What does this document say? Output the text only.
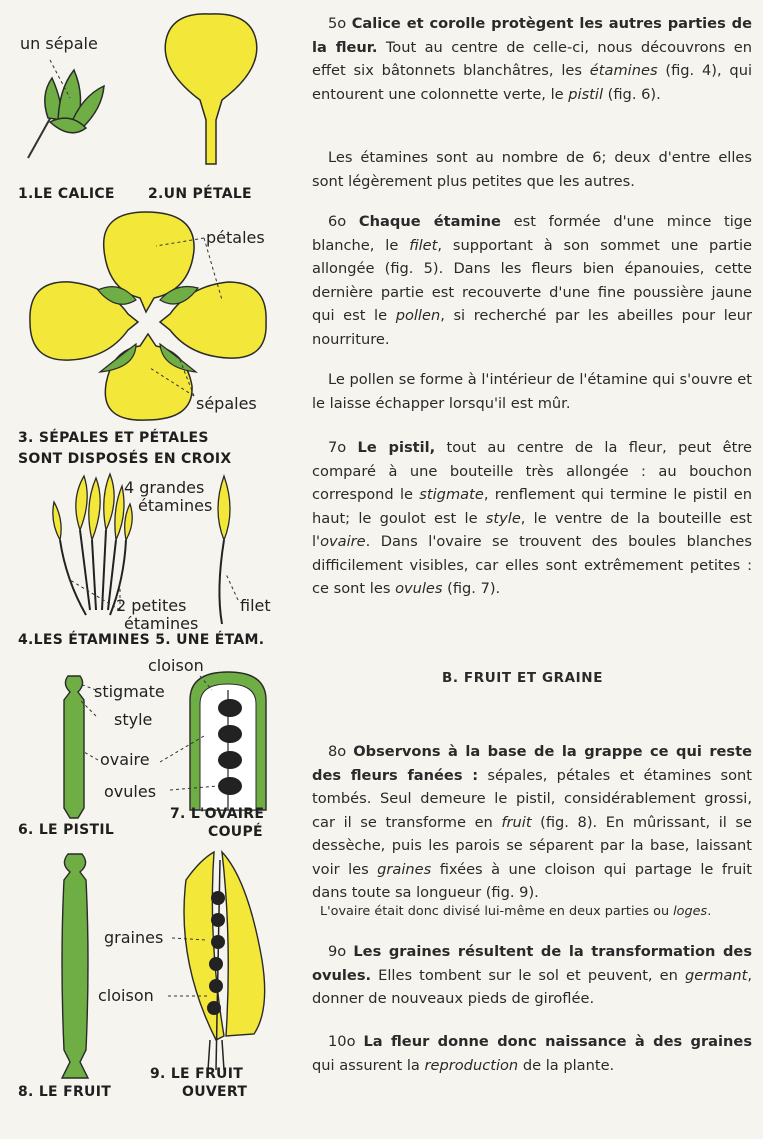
un sépale
1.LE CALICE 2.UN PÉTALE
pétales
sépales
3. SÉPALES ET PÉTALES
SONT DISPOSÉS EN CROIX
4 grandes
étamines
2 petites
étamines
filet
4.LES ÉTAMINES 5. UNE ÉTAM.
cloison
stigmate
style
ovaire
ovules
6. LE PISTIL
7. L'OVAIRE
COUPÉ
graines
cloison
8. LE FRUIT
9. LE FRUIT
OUVERT
5o Calice et corolle protègent les autres parties de la fleur. Tout au centre de celle-ci, nous découvrons en effet six bâtonnets blanchâtres, les étamines (fig. 4), qui entourent une colonnette verte, le pistil (fig. 6).
Les étamines sont au nombre de 6; deux d'entre elles sont légèrement plus petites que les autres.
6o Chaque étamine est formée d'une mince tige blanche, le filet, supportant à son sommet une partie allongée (fig. 5). Dans les fleurs bien épanouies, cette dernière partie est recouverte d'une fine poussière jaune qui est le pollen, si recherché par les abeilles pour leur nourriture.
Le pollen se forme à l'intérieur de l'étamine qui s'ouvre et le laisse échapper lorsqu'il est mûr.
7o Le pistil, tout au centre de la fleur, peut être comparé à une bouteille très allongée : au bouchon correspond le stigmate, renflement qui termine le pistil en haut; le goulot est le style, le ventre de la bouteille est l'ovaire. Dans l'ovaire se trouvent des boules blanches difficilement visibles, car elles sont extrêmement petites : ce sont les ovules (fig. 7).
B. FRUIT ET GRAINE
8o Observons à la base de la grappe ce qui reste des fleurs fanées : sépales, pétales et étamines sont tombés. Seul demeure le pistil, considérablement grossi, car il se transforme en fruit (fig. 8). En mûrissant, il se dessèche, puis les parois se séparent par la base, laissant voir les graines fixées à une cloison qui partage le fruit dans toute sa longueur (fig. 9).
L'ovaire était donc divisé lui-même en deux parties ou loges.
9o Les graines résultent de la transformation des ovules. Elles tombent sur le sol et peuvent, en germant, donner de nouveaux pieds de giroflée.
10o La fleur donne donc naissance à des graines qui assurent la reproduction de la plante.
